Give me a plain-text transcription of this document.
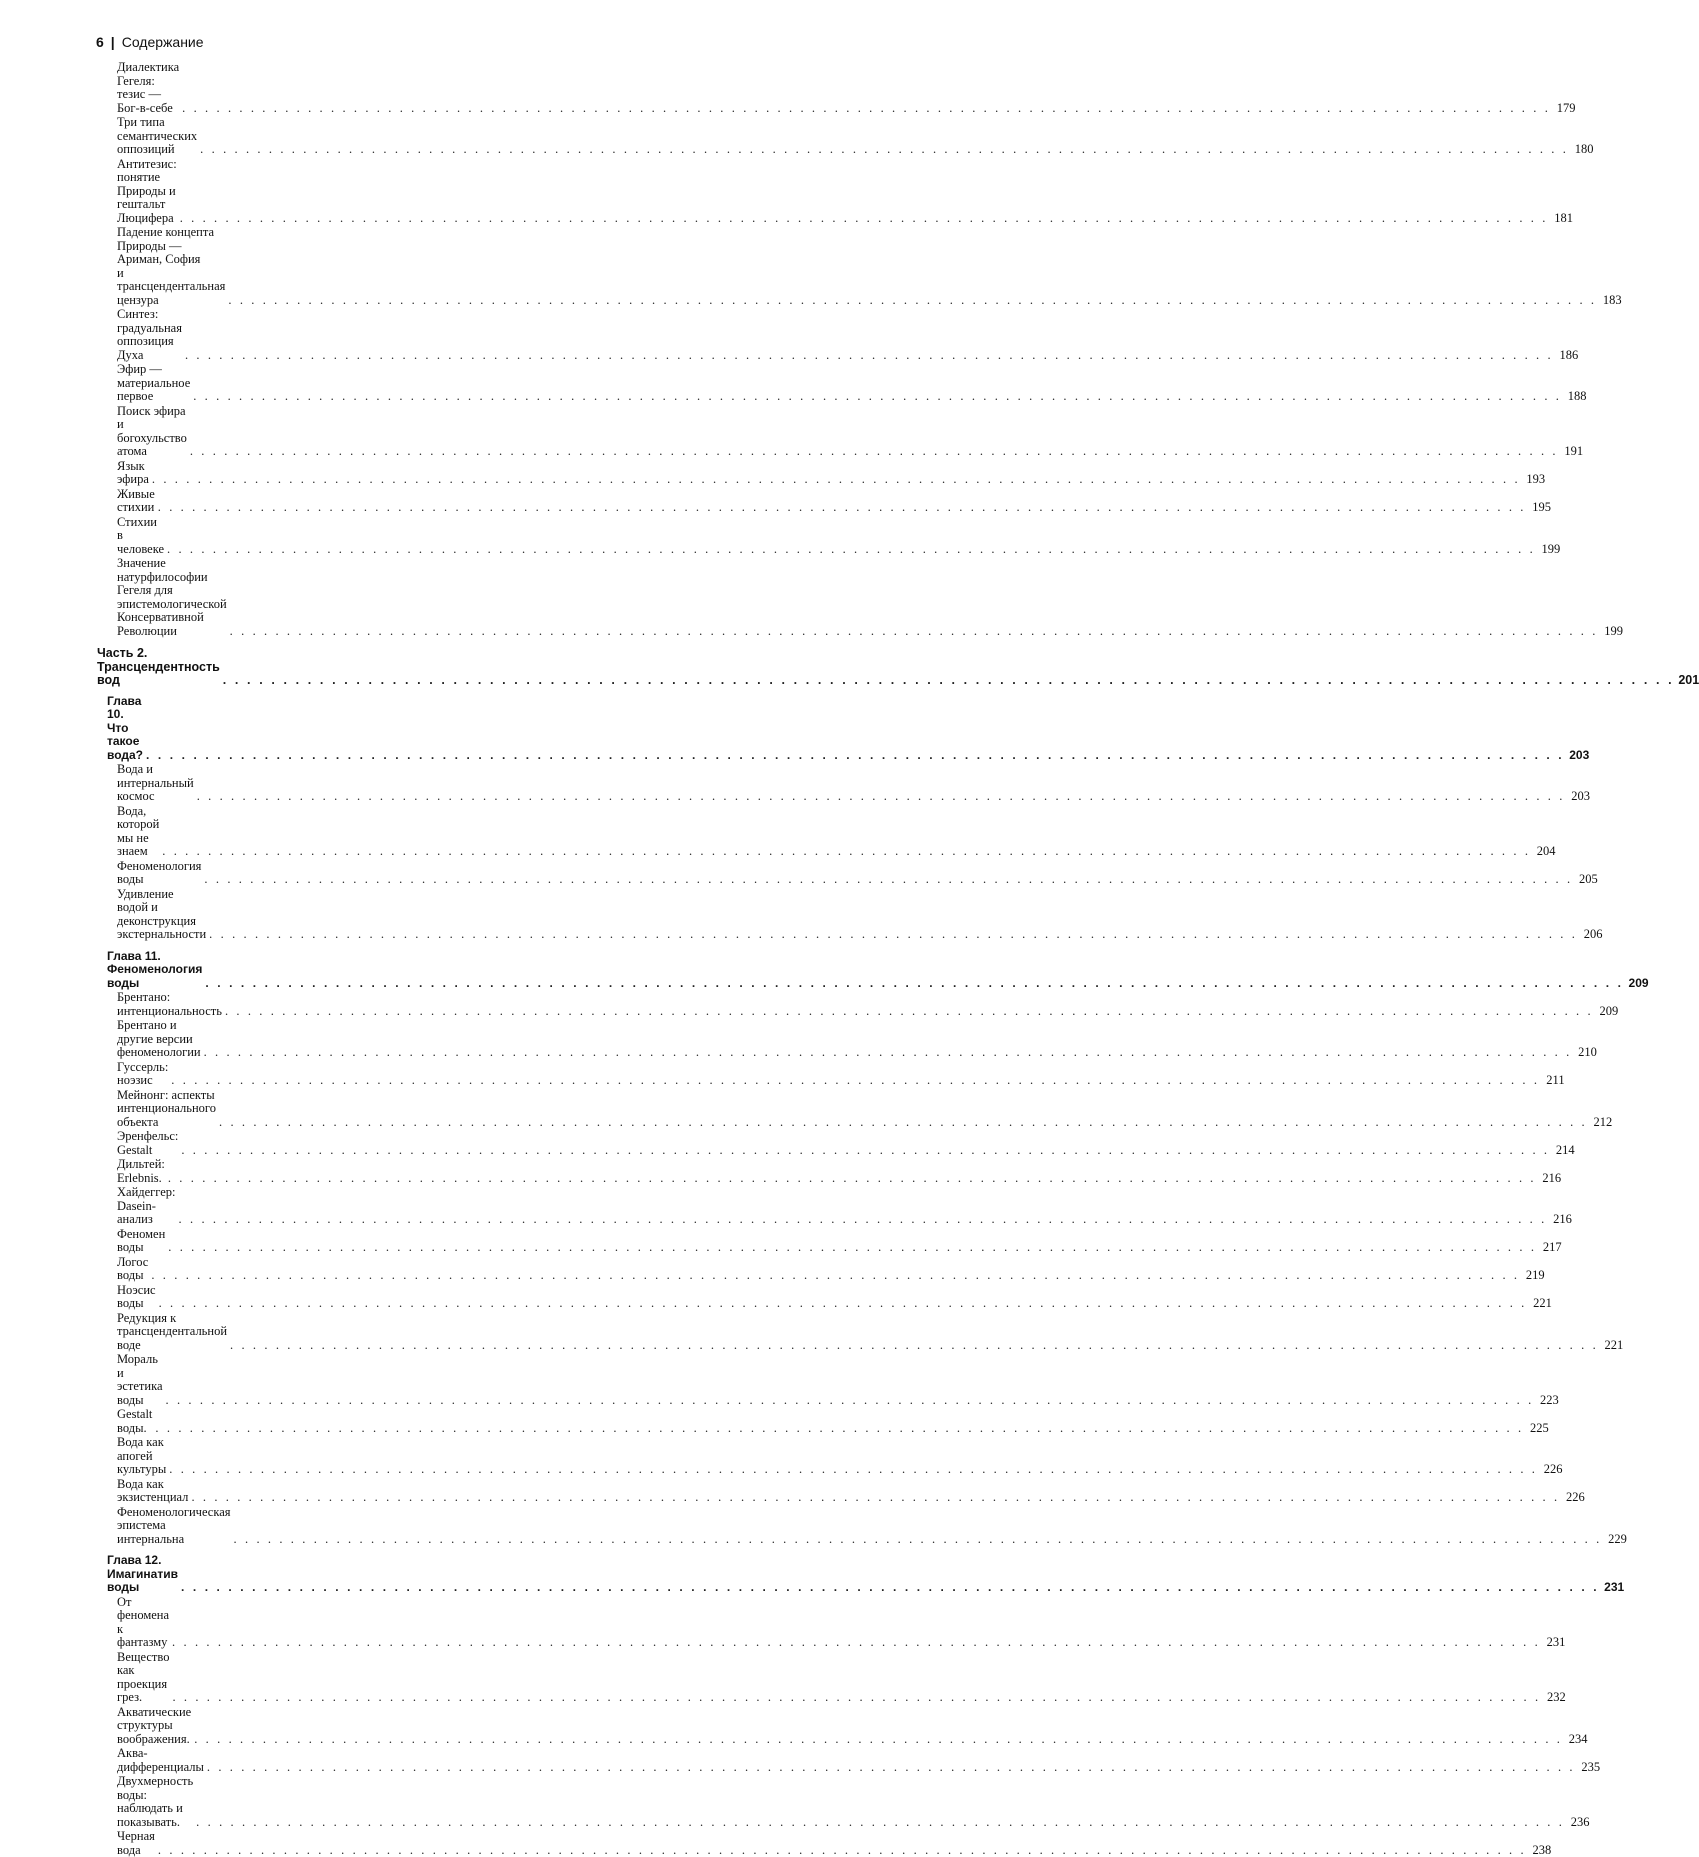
6 | Содержание
Диалектика Гегеля: тезис — Бог-в-себе . . . . . . . . . . . . . . . . . . . . . . . . . . . . . . . . . . . . . . . . . . . . . . . . . . . . . . . . . . . . . . . . . . . . . . . . . . . . . . . . . . . . . . . . . . . . . . . . . . . . . . . . . . . . . . . . . . . . . . . . 179
Три типа семантических оппозиций	. . . . . . . . . . . . . . . . . . . . . . . . . . . . . . . . . . . . . . . . . . . . . . . . . . . . . . . . . . . . . . . . . . . . . . . . . . . . . . . . . . . . . . . . . . . . . . . . . . . . . . . . . . . . . . . . . . . . . . . . 180
Антитезис: понятие Природы и гештальт Люцифера . . . . . . . . . . . . . . . . . . . . . . . . . . . . . . . . . . . . . . . . . . . . . . . . . . . . . . . . . . . . . . . . . . . . . . . . . . . . . . . . . . . . . . . . . . . . . . . . . . . . . . . . . . . . . . . . . . . . . . . . 181
Падение концепта Природы — Ариман, София
и трансцендентальная цензура	. . . . . . . . . . . . . . . . . . . . . . . . . . . . . . . . . . . . . . . . . . . . . . . . . . . . . . . . . . . . . . . . . . . . . . . . . . . . . . . . . . . . . . . . . . . . . . . . . . . . . . . . . . . . . . . . . . . . . . . . 183
Синтез: градуальная оппозиция Духа	. . . . . . . . . . . . . . . . . . . . . . . . . . . . . . . . . . . . . . . . . . . . . . . . . . . . . . . . . . . . . . . . . . . . . . . . . . . . . . . . . . . . . . . . . . . . . . . . . . . . . . . . . . . . . . . . . . . . . . . . 186
Эфир — материальное первое	. . . . . . . . . . . . . . . . . . . . . . . . . . . . . . . . . . . . . . . . . . . . . . . . . . . . . . . . . . . . . . . . . . . . . . . . . . . . . . . . . . . . . . . . . . . . . . . . . . . . . . . . . . . . . . . . . . . . . . . . 188
Поиск эфира и богохульство атома	. . . . . . . . . . . . . . . . . . . . . . . . . . . . . . . . . . . . . . . . . . . . . . . . . . . . . . . . . . . . . . . . . . . . . . . . . . . . . . . . . . . . . . . . . . . . . . . . . . . . . . . . . . . . . . . . . . . . . . . . 191
Язык эфира . . . . . . . . . . . . . . . . . . . . . . . . . . . . . . . . . . . . . . . . . . . . . . . . . . . . . . . . . . . . . . . . . . . . . . . . . . . . . . . . . . . . . . . . . . . . . . . . . . . . . . . . . . . . . . . . . . . . . . . . 193
Живые стихии . . . . . . . . . . . . . . . . . . . . . . . . . . . . . . . . . . . . . . . . . . . . . . . . . . . . . . . . . . . . . . . . . . . . . . . . . . . . . . . . . . . . . . . . . . . . . . . . . . . . . . . . . . . . . . . . . . . . . . . . 195
Стихии в человеке . . . . . . . . . . . . . . . . . . . . . . . . . . . . . . . . . . . . . . . . . . . . . . . . . . . . . . . . . . . . . . . . . . . . . . . . . . . . . . . . . . . . . . . . . . . . . . . . . . . . . . . . . . . . . . . . . . . . . . . . 199
Значение натурфилософии Гегеля для эпистемологической
Консервативной Революции	. . . . . . . . . . . . . . . . . . . . . . . . . . . . . . . . . . . . . . . . . . . . . . . . . . . . . . . . . . . . . . . . . . . . . . . . . . . . . . . . . . . . . . . . . . . . . . . . . . . . . . . . . . . . . . . . . . . . . . . . 199
Часть 2. Трансцендентность вод	. . . . . . . . . . . . . . . . . . . . . . . . . . . . . . . . . . . . . . . . . . . . . . . . . . . . . . . . . . . . . . . . . . . . . . . . . . . . . . . . . . . . . . . . . . . . . . . . . . . . . . . . . . . . . . . . . . . . . . . . 201
Глава 10. Что такое вода? . . . . . . . . . . . . . . . . . . . . . . . . . . . . . . . . . . . . . . . . . . . . . . . . . . . . . . . . . . . . . . . . . . . . . . . . . . . . . . . . . . . . . . . . . . . . . . . . . . . . . . . . . . . . . . . . . . . . . . . . 203
Вода и интернальный космос	. . . . . . . . . . . . . . . . . . . . . . . . . . . . . . . . . . . . . . . . . . . . . . . . . . . . . . . . . . . . . . . . . . . . . . . . . . . . . . . . . . . . . . . . . . . . . . . . . . . . . . . . . . . . . . . . . . . . . . . . 203
Вода, которой мы не знаем	. . . . . . . . . . . . . . . . . . . . . . . . . . . . . . . . . . . . . . . . . . . . . . . . . . . . . . . . . . . . . . . . . . . . . . . . . . . . . . . . . . . . . . . . . . . . . . . . . . . . . . . . . . . . . . . . . . . . . . . . 204
Феноменология воды	. . . . . . . . . . . . . . . . . . . . . . . . . . . . . . . . . . . . . . . . . . . . . . . . . . . . . . . . . . . . . . . . . . . . . . . . . . . . . . . . . . . . . . . . . . . . . . . . . . . . . . . . . . . . . . . . . . . . . . . . 205
Удивление водой и деконструкция экстернальности . . . . . . . . . . . . . . . . . . . . . . . . . . . . . . . . . . . . . . . . . . . . . . . . . . . . . . . . . . . . . . . . . . . . . . . . . . . . . . . . . . . . . . . . . . . . . . . . . . . . . . . . . . . . . . . . . . . . . . . . 206
Глава 11. Феноменология воды	. . . . . . . . . . . . . . . . . . . . . . . . . . . . . . . . . . . . . . . . . . . . . . . . . . . . . . . . . . . . . . . . . . . . . . . . . . . . . . . . . . . . . . . . . . . . . . . . . . . . . . . . . . . . . . . . . . . . . . . . 209
Брентано: интенциональность . . . . . . . . . . . . . . . . . . . . . . . . . . . . . . . . . . . . . . . . . . . . . . . . . . . . . . . . . . . . . . . . . . . . . . . . . . . . . . . . . . . . . . . . . . . . . . . . . . . . . . . . . . . . . . . . . . . . . . . . 209
Брентано и другие версии феноменологии . . . . . . . . . . . . . . . . . . . . . . . . . . . . . . . . . . . . . . . . . . . . . . . . . . . . . . . . . . . . . . . . . . . . . . . . . . . . . . . . . . . . . . . . . . . . . . . . . . . . . . . . . . . . . . . . . . . . . . . . 210
Гуссерль: ноэзис	. . . . . . . . . . . . . . . . . . . . . . . . . . . . . . . . . . . . . . . . . . . . . . . . . . . . . . . . . . . . . . . . . . . . . . . . . . . . . . . . . . . . . . . . . . . . . . . . . . . . . . . . . . . . . . . . . . . . . . . . 211
Мейнонг: аспекты интенционального объекта	. . . . . . . . . . . . . . . . . . . . . . . . . . . . . . . . . . . . . . . . . . . . . . . . . . . . . . . . . . . . . . . . . . . . . . . . . . . . . . . . . . . . . . . . . . . . . . . . . . . . . . . . . . . . . . . . . . . . . . . . 212
Эренфельс: Gestalt	. . . . . . . . . . . . . . . . . . . . . . . . . . . . . . . . . . . . . . . . . . . . . . . . . . . . . . . . . . . . . . . . . . . . . . . . . . . . . . . . . . . . . . . . . . . . . . . . . . . . . . . . . . . . . . . . . . . . . . . . 214
Дильтей: Erlebnis. . . . . . . . . . . . . . . . . . . . . . . . . . . . . . . . . . . . . . . . . . . . . . . . . . . . . . . . . . . . . . . . . . . . . . . . . . . . . . . . . . . . . . . . . . . . . . . . . . . . . . . . . . . . . . . . . . . . . . . . . 216
Хайдеггер: Dasein-анализ	. . . . . . . . . . . . . . . . . . . . . . . . . . . . . . . . . . . . . . . . . . . . . . . . . . . . . . . . . . . . . . . . . . . . . . . . . . . . . . . . . . . . . . . . . . . . . . . . . . . . . . . . . . . . . . . . . . . . . . . . 216
Феномен воды	. . . . . . . . . . . . . . . . . . . . . . . . . . . . . . . . . . . . . . . . . . . . . . . . . . . . . . . . . . . . . . . . . . . . . . . . . . . . . . . . . . . . . . . . . . . . . . . . . . . . . . . . . . . . . . . . . . . . . . . . 217
Логос воды . . . . . . . . . . . . . . . . . . . . . . . . . . . . . . . . . . . . . . . . . . . . . . . . . . . . . . . . . . . . . . . . . . . . . . . . . . . . . . . . . . . . . . . . . . . . . . . . . . . . . . . . . . . . . . . . . . . . . . . . 219
Ноэсис воды	. . . . . . . . . . . . . . . . . . . . . . . . . . . . . . . . . . . . . . . . . . . . . . . . . . . . . . . . . . . . . . . . . . . . . . . . . . . . . . . . . . . . . . . . . . . . . . . . . . . . . . . . . . . . . . . . . . . . . . . . 221
Редукция к трансцендентальной воде	. . . . . . . . . . . . . . . . . . . . . . . . . . . . . . . . . . . . . . . . . . . . . . . . . . . . . . . . . . . . . . . . . . . . . . . . . . . . . . . . . . . . . . . . . . . . . . . . . . . . . . . . . . . . . . . . . . . . . . . . 221
Мораль и эстетика воды	. . . . . . . . . . . . . . . . . . . . . . . . . . . . . . . . . . . . . . . . . . . . . . . . . . . . . . . . . . . . . . . . . . . . . . . . . . . . . . . . . . . . . . . . . . . . . . . . . . . . . . . . . . . . . . . . . . . . . . . . 223
Gestalt воды. . . . . . . . . . . . . . . . . . . . . . . . . . . . . . . . . . . . . . . . . . . . . . . . . . . . . . . . . . . . . . . . . . . . . . . . . . . . . . . . . . . . . . . . . . . . . . . . . . . . . . . . . . . . . . . . . . . . . . . . . 225
Вода как апогей культуры . . . . . . . . . . . . . . . . . . . . . . . . . . . . . . . . . . . . . . . . . . . . . . . . . . . . . . . . . . . . . . . . . . . . . . . . . . . . . . . . . . . . . . . . . . . . . . . . . . . . . . . . . . . . . . . . . . . . . . . . 226
Вода как экзистенциал . . . . . . . . . . . . . . . . . . . . . . . . . . . . . . . . . . . . . . . . . . . . . . . . . . . . . . . . . . . . . . . . . . . . . . . . . . . . . . . . . . . . . . . . . . . . . . . . . . . . . . . . . . . . . . . . . . . . . . . . 226
Феноменологическая эпистема интернальна	. . . . . . . . . . . . . . . . . . . . . . . . . . . . . . . . . . . . . . . . . . . . . . . . . . . . . . . . . . . . . . . . . . . . . . . . . . . . . . . . . . . . . . . . . . . . . . . . . . . . . . . . . . . . . . . . . . . . . . . . 229
Глава 12. Имагинатив воды	. . . . . . . . . . . . . . . . . . . . . . . . . . . . . . . . . . . . . . . . . . . . . . . . . . . . . . . . . . . . . . . . . . . . . . . . . . . . . . . . . . . . . . . . . . . . . . . . . . . . . . . . . . . . . . . . . . . . . . . . 231
От феномена к фантазму . . . . . . . . . . . . . . . . . . . . . . . . . . . . . . . . . . . . . . . . . . . . . . . . . . . . . . . . . . . . . . . . . . . . . . . . . . . . . . . . . . . . . . . . . . . . . . . . . . . . . . . . . . . . . . . . . . . . . . . . 231
Вещество как проекция грез.	. . . . . . . . . . . . . . . . . . . . . . . . . . . . . . . . . . . . . . . . . . . . . . . . . . . . . . . . . . . . . . . . . . . . . . . . . . . . . . . . . . . . . . . . . . . . . . . . . . . . . . . . . . . . . . . . . . . . . . . . 232
Акватические структуры воображения. . . . . . . . . . . . . . . . . . . . . . . . . . . . . . . . . . . . . . . . . . . . . . . . . . . . . . . . . . . . . . . . . . . . . . . . . . . . . . . . . . . . . . . . . . . . . . . . . . . . . . . . . . . . . . . . . . . . . . . . . 234
Аква-дифференциалы . . . . . . . . . . . . . . . . . . . . . . . . . . . . . . . . . . . . . . . . . . . . . . . . . . . . . . . . . . . . . . . . . . . . . . . . . . . . . . . . . . . . . . . . . . . . . . . . . . . . . . . . . . . . . . . . . . . . . . . . 235
Двухмерность воды: наблюдать и показывать.	. . . . . . . . . . . . . . . . . . . . . . . . . . . . . . . . . . . . . . . . . . . . . . . . . . . . . . . . . . . . . . . . . . . . . . . . . . . . . . . . . . . . . . . . . . . . . . . . . . . . . . . . . . . . . . . . . . . . . . . . 236
Черная вода	. . . . . . . . . . . . . . . . . . . . . . . . . . . . . . . . . . . . . . . . . . . . . . . . . . . . . . . . . . . . . . . . . . . . . . . . . . . . . . . . . . . . . . . . . . . . . . . . . . . . . . . . . . . . . . . . . . . . . . . . 238
